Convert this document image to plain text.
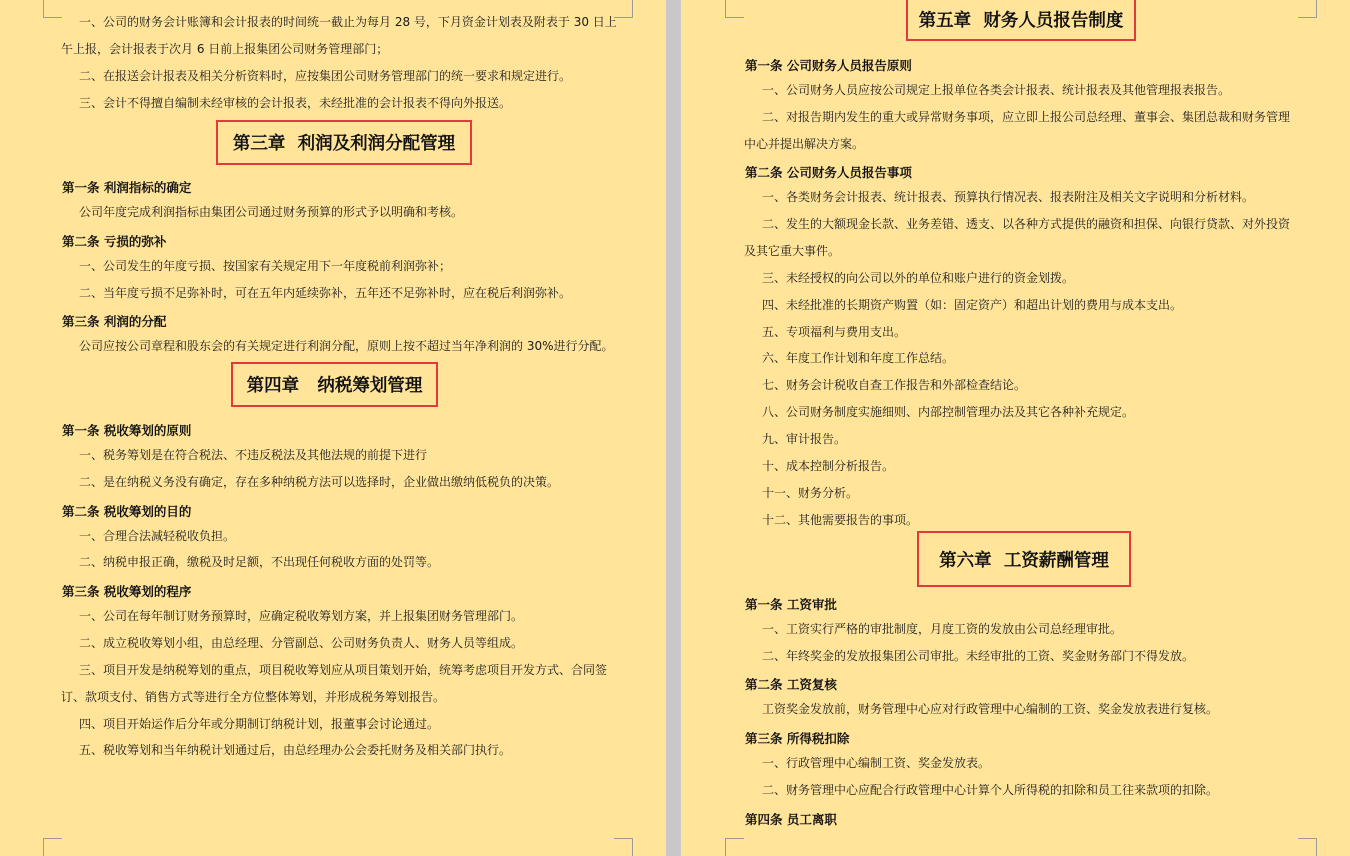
一、公司的财务会计账簿和会计报表的时间统一截止为每月 28 号，下月资金计划表及附表于 30 日上午上报，会计报表于次月 6 日前上报集团公司财务管理部门；

二、在报送会计报表及相关分析资料时，应按集团公司财务管理部门的统一要求和规定进行。

三、会计不得擅自编制未经审核的会计报表，未经批准的会计报表不得向外报送。

第三章  利润及利润分配管理

第一条 利润指标的确定

公司年度完成利润指标由集团公司通过财务预算的形式予以明确和考核。

第二条 亏损的弥补

一、公司发生的年度亏损、按国家有关规定用下一年度税前利润弥补；

二、当年度亏损不足弥补时，可在五年内延续弥补，五年还不足弥补时，应在税后利润弥补。

第三条 利润的分配

公司应按公司章程和股东会的有关规定进行利润分配，原则上按不超过当年净利润的 30%进行分配。

第四章   纳税筹划管理

第一条 税收筹划的原则

一、税务筹划是在符合税法、不违反税法及其他法规的前提下进行

二、是在纳税义务没有确定，存在多种纳税方法可以选择时，企业做出缴纳低税负的决策。

第二条 税收筹划的目的

一、合理合法减轻税收负担。

二、纳税申报正确，缴税及时足额，不出现任何税收方面的处罚等。

第三条 税收筹划的程序

一、公司在每年制订财务预算时，应确定税收筹划方案，并上报集团财务管理部门。

二、成立税收筹划小组，由总经理、分管副总、公司财务负责人、财务人员等组成。

三、项目开发是纳税筹划的重点，项目税收筹划应从项目策划开始，统筹考虑项目开发方式、合同签订、款项支付、销售方式等进行全方位整体筹划，并形成税务筹划报告。

四、项目开始运作后分年或分期制订纳税计划，报董事会讨论通过。

五、税收筹划和当年纳税计划通过后，由总经理办公会委托财务及相关部门执行。

第五章  财务人员报告制度

第一条 公司财务人员报告原则

一、公司财务人员应按公司规定上报单位各类会计报表、统计报表及其他管理报表报告。

二、对报告期内发生的重大或异常财务事项，应立即上报公司总经理、董事会、集团总裁和财务管理中心并提出解决方案。

第二条 公司财务人员报告事项

一、各类财务会计报表、统计报表、预算执行情况表、报表附注及相关文字说明和分析材料。

二、发生的大额现金长款、业务差错、透支、以各种方式提供的融资和担保、向银行贷款、对外投资及其它重大事件。

三、未经授权的向公司以外的单位和账户进行的资金划拨。

四、未经批准的长期资产购置（如：固定资产）和超出计划的费用与成本支出。

五、专项福利与费用支出。

六、年度工作计划和年度工作总结。

七、财务会计税收自查工作报告和外部检查结论。

八、公司财务制度实施细则、内部控制管理办法及其它各种补充规定。

九、审计报告。

十、成本控制分析报告。

十一、财务分析。

十二、其他需要报告的事项。

第六章  工资薪酬管理

第一条 工资审批

一、工资实行严格的审批制度，月度工资的发放由公司总经理审批。

二、年终奖金的发放报集团公司审批。未经审批的工资、奖金财务部门不得发放。

第二条 工资复核

工资奖金发放前，财务管理中心应对行政管理中心编制的工资、奖金发放表进行复核。

第三条 所得税扣除

一、行政管理中心编制工资、奖金发放表。

二、财务管理中心应配合行政管理中心计算个人所得税的扣除和员工往来款项的扣除。

第四条 员工离职
